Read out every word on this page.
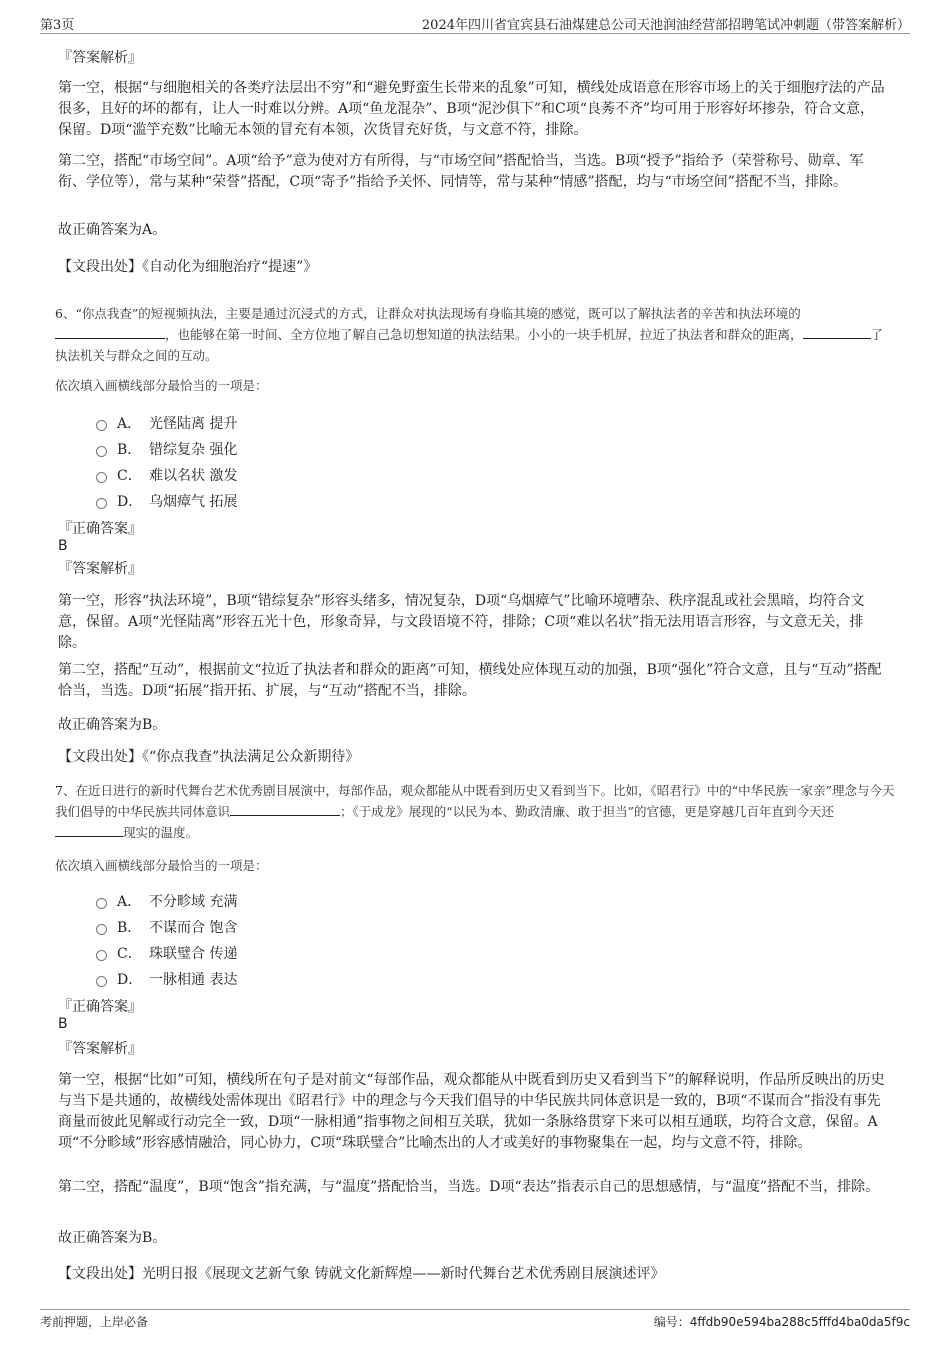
第3页	2024年四川省宜宾县石油煤建总公司天池润油经营部招聘笔试冲刺题（带答案解析）
『答案解析』

第一空，根据“与细胞相关的各类疗法层出不穷”和“避免野蛮生长带来的乱象”可知，横线处成语意在形容市场上的关于细胞疗法的产品很多，且好的坏的都有，让人一时难以分辨。A项“鱼龙混杂”、B项“泥沙俱下”和C项“良莠不齐”均可用于形容好坏掺杂，符合文意，保留。D项“滥竽充数”比喻无本领的冒充有本领，次货冒充好货，与文意不符，排除。

第二空，搭配“市场空间”。A项“给予”意为使对方有所得，与“市场空间”搭配恰当，当选。B项“授予”指给予（荣誉称号、勋章、军衔、学位等），常与某种“荣誉”搭配，C项“寄予”指给予关怀、同情等，常与某种“情感”搭配，均与“市场空间”搭配不当，排除。

故正确答案为A。
【文段出处】《自动化为细胞治疗“提速”》

6、“你点我查”的短视频执法，主要是通过沉浸式的方式，让群众对执法现场有身临其境的感觉，既可以了解执法者的辛苦和执法环境的，也能够在第一时间、全方位地了解自己急切想知道的执法结果。小小的一块手机屏，拉近了执法者和群众的距离，	了执法机关与群众之间的互动。

依次填入画横线部分最恰当的一项是：
A． 光怪陆离 提升
B． 错综复杂 强化
C． 难以名状 激发
D． 乌烟瘴气 拓展
『正确答案』
B
『答案解析』

第一空，形容“执法环境”，B项“错综复杂”形容头绪多，情况复杂，D项“乌烟瘴气”比喻环境嘈杂、秩序混乱或社会黑暗，均符合文意，保留。A项“光怪陆离”形容五光十色，形象奇异，与文段语境不符，排除；C项“难以名状”指无法用语言形容，与文意无关，排除。

第二空，搭配“互动”，根据前文“拉近了执法者和群众的距离”可知，横线处应体现互动的加强，B项“强化”符合文意，且与“互动”搭配恰当，当选。D项“拓展”指开拓、扩展，与“互动”搭配不当，排除。

故正确答案为B。
【文段出处】《“你点我查”执法满足公众新期待》

7、在近日进行的新时代舞台艺术优秀剧目展演中，每部作品，观众都能从中既看到历史又看到当下。比如，《昭君行》中的“中华民族一家亲”理念与今天我们倡导的中华民族共同体意识	；《于成龙》展现的“以民为本、勤政清廉、敢于担当”的官德，更是穿越几百年直到今天还现实的温度。

依次填入画横线部分最恰当的一项是：
A． 不分畛域 充满
B． 不谋而合 饱含
C． 珠联璧合 传递
D． 一脉相通 表达
『正确答案』
B
『答案解析』

第一空，根据“比如”可知，横线所在句子是对前文“每部作品，观众都能从中既看到历史又看到当下”的解释说明，作品所反映出的历史与当下是共通的，故横线处需体现出《昭君行》中的理念与今天我们倡导的中华民族共同体意识是一致的，B项“不谋而合”指没有事先商量而彼此见解或行动完全一致，D项“一脉相通”指事物之间相互关联，犹如一条脉络贯穿下来可以相互通联，均符合文意，保留。A项“不分畛域”形容感情融洽，同心协力，C项“珠联璧合”比喻杰出的人才或美好的事物聚集在一起，均与文意不符，排除。

第二空，搭配“温度”，B项“饱含”指充满，与“温度”搭配恰当，当选。D项“表达”指表示自己的思想感情，与“温度”搭配不当，排除。

故正确答案为B。
【文段出处】光明日报《展现文艺新气象 铸就文化新辉煌——新时代舞台艺术优秀剧目展演述评》
考前押题，上岸必备	编号：4ffdb90e594ba288c5fffd4ba0da5f9c
